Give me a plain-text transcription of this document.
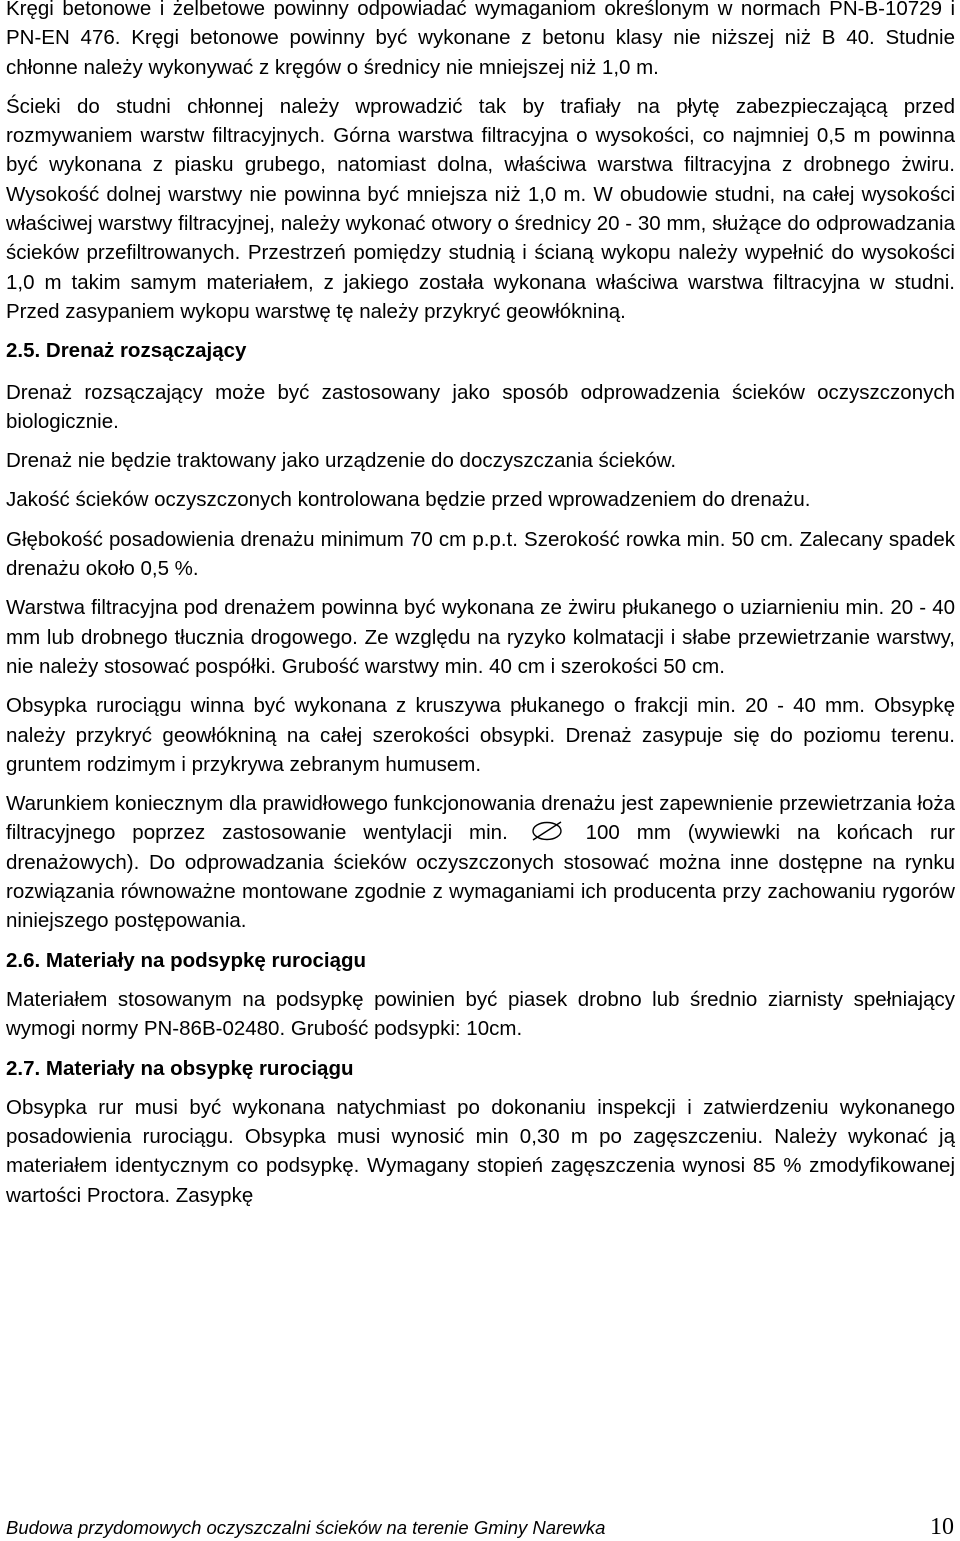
Kręgi betonowe i żelbetowe powinny odpowiadać wymaganiom określonym w normach PN-B-10729 i PN-EN 476. Kręgi betonowe powinny być wykonane z betonu klasy nie niższej niż B 40. Studnie chłonne należy wykonywać z kręgów o średnicy nie mniejszej niż 1,0 m.

Ścieki do studni chłonnej należy wprowadzić tak by trafiały na płytę zabezpieczającą przed rozmywaniem warstw filtracyjnych. Górna warstwa filtracyjna o wysokości, co najmniej 0,5 m powinna być wykonana z piasku grubego, natomiast dolna, właściwa warstwa filtracyjna z drobnego żwiru. Wysokość dolnej warstwy nie powinna być mniejsza niż 1,0 m. W obudowie studni, na całej wysokości właściwej warstwy filtracyjnej, należy wykonać otwory o średnicy 20 - 30 mm, służące do odprowadzania ścieków przefiltrowanych. Przestrzeń pomiędzy studnią i ścianą wykopu należy wypełnić do wysokości 1,0 m takim samym materiałem, z jakiego została wykonana właściwa warstwa filtracyjna w studni. Przed zasypaniem wykopu warstwę tę należy przykryć geowłókniną.

2.5. Drenaż rozsączający

Drenaż rozsączający może być zastosowany jako sposób odprowadzenia ścieków oczyszczonych biologicznie.

Drenaż nie będzie traktowany jako urządzenie do doczyszczania ścieków.

Jakość ścieków oczyszczonych kontrolowana będzie przed wprowadzeniem do drenażu.

Głębokość posadowienia drenażu minimum 70 cm p.p.t. Szerokość rowka min. 50 cm. Zalecany spadek drenażu około 0,5 %.

Warstwa filtracyjna pod drenażem powinna być wykonana ze żwiru płukanego o uziarnieniu min. 20 - 40 mm lub drobnego tłucznia drogowego. Ze względu na ryzyko kolmatacji i słabe przewietrzanie warstwy, nie należy stosować pospółki. Grubość warstwy min. 40 cm i szerokości 50 cm.

Obsypka rurociągu winna być wykonana z kruszywa płukanego o frakcji min. 20 - 40 mm. Obsypkę należy przykryć geowłókniną na całej szerokości obsypki. Drenaż zasypuje się do poziomu terenu. gruntem rodzimym i przykrywa zebranym humusem.

Warunkiem koniecznym dla prawidłowego funkcjonowania drenażu jest zapewnienie przewietrzania łoża filtracyjnego poprzez zastosowanie wentylacji min.	100 mm (wywiewki na końcach rur drenażowych). Do odprowadzania ścieków oczyszczonych stosować można inne dostępne na rynku rozwiązania równoważne montowane zgodnie z wymaganiami ich producenta przy zachowaniu rygorów niniejszego postępowania.

2.6. Materiały na podsypkę rurociągu

Materiałem stosowanym na podsypkę powinien być piasek drobno lub średnio ziarnisty spełniający wymogi normy PN-86B-02480. Grubość podsypki: 10cm.

2.7. Materiały na obsypkę rurociągu

Obsypka rur musi być wykonana natychmiast po dokonaniu inspekcji i zatwierdzeniu wykonanego posadowienia rurociągu. Obsypka musi wynosić min 0,30 m po zagęszczeniu. Należy wykonać ją materiałem identycznym co podsypkę. Wymagany stopień zagęszczenia wynosi 85 % zmodyfikowanej wartości Proctora. Zasypkę

Budowa przydomowych oczyszczalni ścieków na terenie Gminy Narewka	10
